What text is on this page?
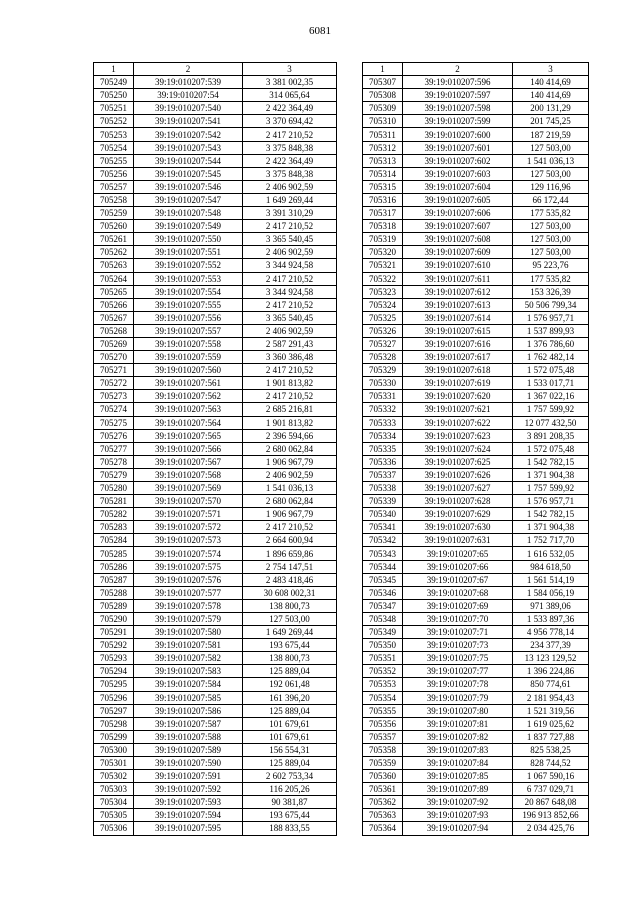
6081
1	2	3
705249	39:19:010207:539	3 381 002,35
705250	39:19:010207:54	314 065,64
705251	39:19:010207:540	2 422 364,49
705252	39:19:010207:541	3 370 694,42
705253	39:19:010207:542	2 417 210,52
705254	39:19:010207:543	3 375 848,38
705255	39:19:010207:544	2 422 364,49
705256	39:19:010207:545	3 375 848,38
705257	39:19:010207:546	2 406 902,59
705258	39:19:010207:547	1 649 269,44
705259	39:19:010207:548	3 391 310,29
705260	39:19:010207:549	2 417 210,52
705261	39:19:010207:550	3 365 540,45
705262	39:19:010207:551	2 406 902,59
705263	39:19:010207:552	3 344 924,58
705264	39:19:010207:553	2 417 210,52
705265	39:19:010207:554	3 344 924,58
705266	39:19:010207:555	2 417 210,52
705267	39:19:010207:556	3 365 540,45
705268	39:19:010207:557	2 406 902,59
705269	39:19:010207:558	2 587 291,43
705270	39:19:010207:559	3 360 386,48
705271	39:19:010207:560	2 417 210,52
705272	39:19:010207:561	1 901 813,82
705273	39:19:010207:562	2 417 210,52
705274	39:19:010207:563	2 685 216,81
705275	39:19:010207:564	1 901 813,82
705276	39:19:010207:565	2 396 594,66
705277	39:19:010207:566	2 680 062,84
705278	39:19:010207:567	1 906 967,79
705279	39:19:010207:568	2 406 902,59
705280	39:19:010207:569	1 541 036,13
705281	39:19:010207:570	2 680 062,84
705282	39:19:010207:571	1 906 967,79
705283	39:19:010207:572	2 417 210,52
705284	39:19:010207:573	2 664 600,94
705285	39:19:010207:574	1 896 659,86
705286	39:19:010207:575	2 754 147,51
705287	39:19:010207:576	2 483 418,46
705288	39:19:010207:577	30 608 002,31
705289	39:19:010207:578	138 800,73
705290	39:19:010207:579	127 503,00
705291	39:19:010207:580	1 649 269,44
705292	39:19:010207:581	193 675,44
705293	39:19:010207:582	138 800,73
705294	39:19:010207:583	125 889,04
705295	39:19:010207:584	192 061,48
705296	39:19:010207:585	161 396,20
705297	39:19:010207:586	125 889,04
705298	39:19:010207:587	101 679,61
705299	39:19:010207:588	101 679,61
705300	39:19:010207:589	156 554,31
705301	39:19:010207:590	125 889,04
705302	39:19:010207:591	2 602 753,34
705303	39:19:010207:592	116 205,26
705304	39:19:010207:593	90 381,87
705305	39:19:010207:594	193 675,44
705306	39:19:010207:595	188 833,55
1	2	3
705307	39:19:010207:596	140 414,69
705308	39:19:010207:597	140 414,69
705309	39:19:010207:598	200 131,29
705310	39:19:010207:599	201 745,25
705311	39:19:010207:600	187 219,59
705312	39:19:010207:601	127 503,00
705313	39:19:010207:602	1 541 036,13
705314	39:19:010207:603	127 503,00
705315	39:19:010207:604	129 116,96
705316	39:19:010207:605	66 172,44
705317	39:19:010207:606	177 535,82
705318	39:19:010207:607	127 503,00
705319	39:19:010207:608	127 503,00
705320	39:19:010207:609	127 503,00
705321	39:19:010207:610	95 223,76
705322	39:19:010207:611	177 535,82
705323	39:19:010207:612	153 326,39
705324	39:19:010207:613	50 506 799,34
705325	39:19:010207:614	1 576 957,71
705326	39:19:010207:615	1 537 899,93
705327	39:19:010207:616	1 376 786,60
705328	39:19:010207:617	1 762 482,14
705329	39:19:010207:618	1 572 075,48
705330	39:19:010207:619	1 533 017,71
705331	39:19:010207:620	1 367 022,16
705332	39:19:010207:621	1 757 599,92
705333	39:19:010207:622	12 077 432,50
705334	39:19:010207:623	3 891 208,35
705335	39:19:010207:624	1 572 075,48
705336	39:19:010207:625	1 542 782,15
705337	39:19:010207:626	1 371 904,38
705338	39:19:010207:627	1 757 599,92
705339	39:19:010207:628	1 576 957,71
705340	39:19:010207:629	1 542 782,15
705341	39:19:010207:630	1 371 904,38
705342	39:19:010207:631	1 752 717,70
705343	39:19:010207:65	1 616 532,05
705344	39:19:010207:66	984 618,50
705345	39:19:010207:67	1 561 514,19
705346	39:19:010207:68	1 584 056,19
705347	39:19:010207:69	971 389,06
705348	39:19:010207:70	1 533 897,36
705349	39:19:010207:71	4 956 778,14
705350	39:19:010207:73	234 377,39
705351	39:19:010207:75	13 123 129,52
705352	39:19:010207:77	1 396 224,86
705353	39:19:010207:78	850 774,61
705354	39:19:010207:79	2 181 954,43
705355	39:19:010207:80	1 521 319,56
705356	39:19:010207:81	1 619 025,62
705357	39:19:010207:82	1 837 727,88
705358	39:19:010207:83	825 538,25
705359	39:19:010207:84	828 744,52
705360	39:19:010207:85	1 067 590,16
705361	39:19:010207:89	6 737 029,71
705362	39:19:010207:92	20 867 648,08
705363	39:19:010207:93	196 913 852,66
705364	39:19:010207:94	2 034 425,76
